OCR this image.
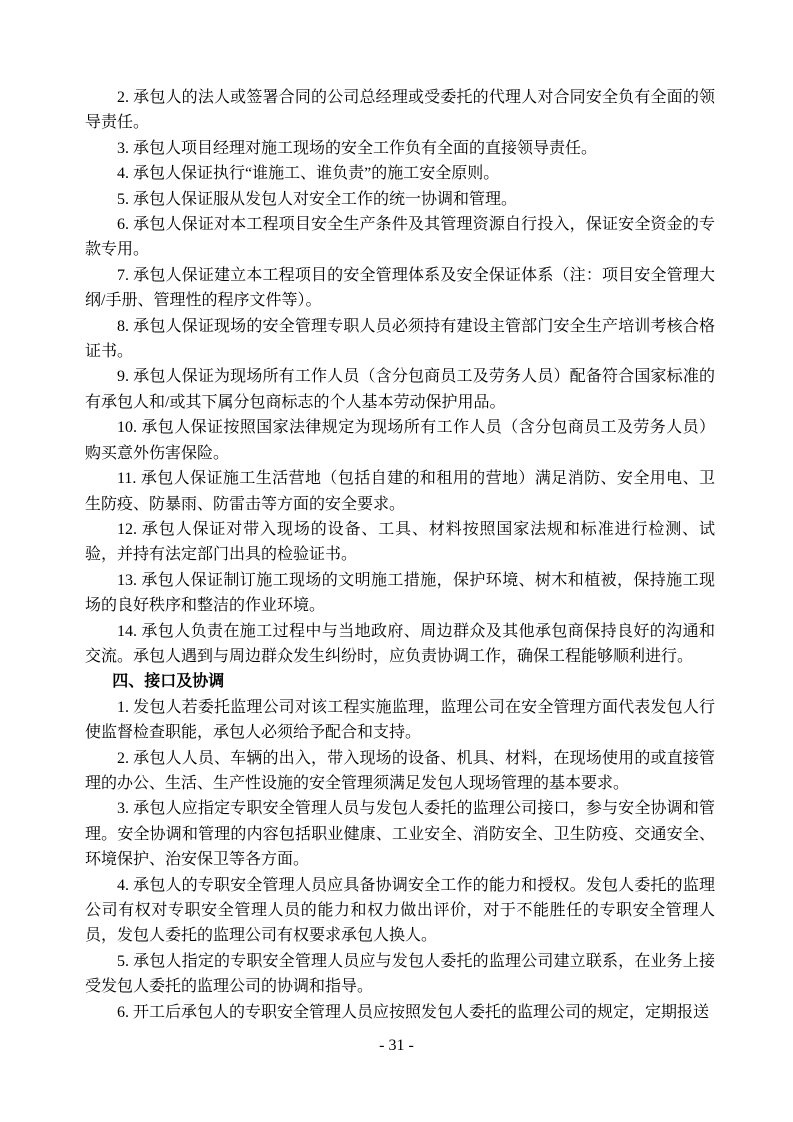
2. 承包人的法人或签署合同的公司总经理或受委托的代理人对合同安全负有全面的领导责任。

3. 承包人项目经理对施工现场的安全工作负有全面的直接领导责任。

4. 承包人保证执行“谁施工、谁负责”的施工安全原则。

5. 承包人保证服从发包人对安全工作的统一协调和管理。

6. 承包人保证对本工程项目安全生产条件及其管理资源自行投入，保证安全资金的专款专用。

7. 承包人保证建立本工程项目的安全管理体系及安全保证体系（注：项目安全管理大纲/手册、管理性的程序文件等）。

8. 承包人保证现场的安全管理专职人员必须持有建设主管部门安全生产培训考核合格证书。

9. 承包人保证为现场所有工作人员（含分包商员工及劳务人员）配备符合国家标准的有承包人和/或其下属分包商标志的个人基本劳动保护用品。

10. 承包人保证按照国家法律规定为现场所有工作人员（含分包商员工及劳务人员）购买意外伤害保险。

11. 承包人保证施工生活营地（包括自建的和租用的营地）满足消防、安全用电、卫生防疫、防暴雨、防雷击等方面的安全要求。

12. 承包人保证对带入现场的设备、工具、材料按照国家法规和标准进行检测、试验，并持有法定部门出具的检验证书。

13. 承包人保证制订施工现场的文明施工措施，保护环境、树木和植被，保持施工现场的良好秩序和整洁的作业环境。

14. 承包人负责在施工过程中与当地政府、周边群众及其他承包商保持良好的沟通和交流。承包人遇到与周边群众发生纠纷时，应负责协调工作，确保工程能够顺利进行。

四、接口及协调

1. 发包人若委托监理公司对该工程实施监理，监理公司在安全管理方面代表发包人行使监督检查职能，承包人必须给予配合和支持。

2. 承包人人员、车辆的出入，带入现场的设备、机具、材料，在现场使用的或直接管理的办公、生活、生产性设施的安全管理须满足发包人现场管理的基本要求。

3. 承包人应指定专职安全管理人员与发包人委托的监理公司接口，参与安全协调和管理。安全协调和管理的内容包括职业健康、工业安全、消防安全、卫生防疫、交通安全、环境保护、治安保卫等各方面。

4. 承包人的专职安全管理人员应具备协调安全工作的能力和授权。发包人委托的监理公司有权对专职安全管理人员的能力和权力做出评价，对于不能胜任的专职安全管理人员，发包人委托的监理公司有权要求承包人换人。

5. 承包人指定的专职安全管理人员应与发包人委托的监理公司建立联系，在业务上接受发包人委托的监理公司的协调和指导。

6. 开工后承包人的专职安全管理人员应按照发包人委托的监理公司的规定，定期报送

- 31 -
